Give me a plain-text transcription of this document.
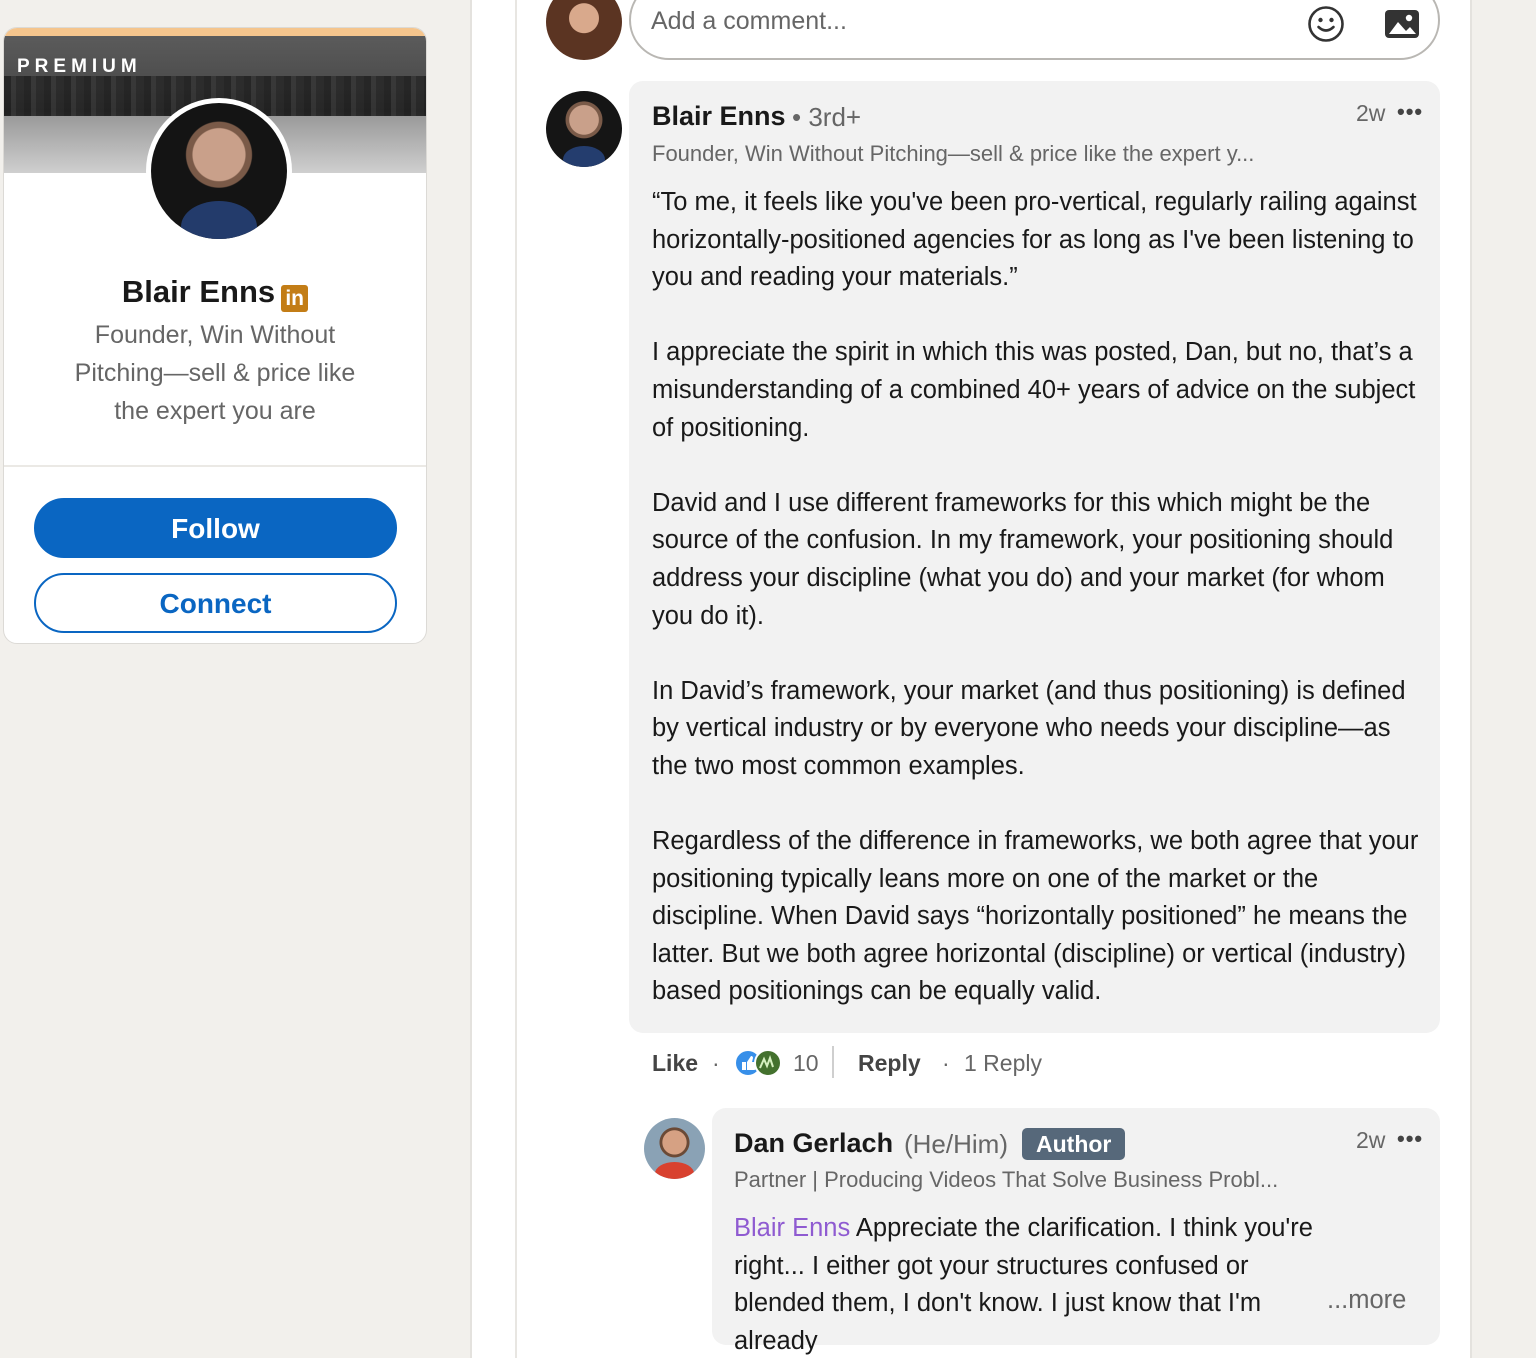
PREMIUM
Blair Enns in
Founder, Win Without Pitching—sell & price like the expert you are
Follow
Connect
Add a comment...
Blair Enns • 3rd+	2w •••
Founder, Win Without Pitching—sell & price like the expert y...

“To me, it feels like you've been pro-vertical, regularly railing against horizontally-positioned agencies for as long as I've been listening to you and reading your materials.”

I appreciate the spirit in which this was posted, Dan, but no, that’s a misunderstanding of a combined 40+ years of advice on the subject of positioning.

David and I use different frameworks for this which might be the source of the confusion. In my framework, your positioning should address your discipline (what you do) and your market (for whom you do it).

In David’s framework, your market (and thus positioning) is defined by vertical industry or by everyone who needs your discipline—as the two most common examples.

Regardless of the difference in frameworks, we both agree that your positioning typically leans more on one of the market or the discipline. When David says “horizontally positioned” he means the latter. But we both agree horizontal (discipline) or vertical (industry) based positionings can be equally valid.

Like ·	10 Reply · 1 Reply
Dan Gerlach (He/Him)	Author	2w •••
Partner | Producing Videos That Solve Business Probl...
Blair Enns Appreciate the clarification. I think you're right... I either got your structures confused or blended them, I don't know. I just know that I'm already
...more
